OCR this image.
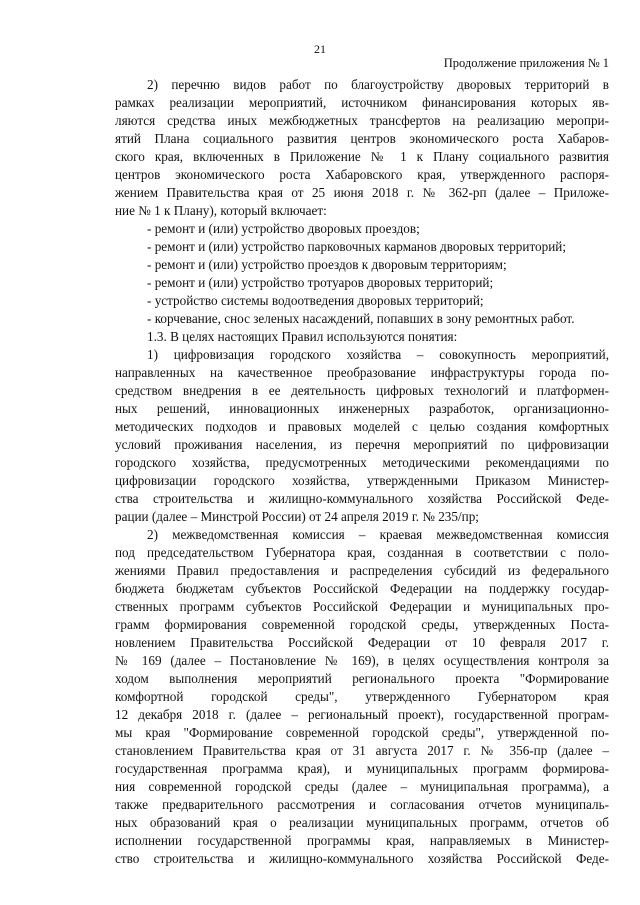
21
Продолжение приложения № 1
2) перечню видов работ по благоустройству дворовых территорий в
рамках реализации мероприятий, источником финансирования которых яв-
ляются средства иных межбюджетных трансфертов на реализацию меропри-
ятий Плана социального развития центров экономического роста Хабаров-
ского края, включенных в Приложение № 1 к Плану социального развития
центров экономического роста Хабаровского края, утвержденного распоря-
жением Правительства края от 25 июня 2018 г. № 362-рп (далее – Приложе-
ние № 1 к Плану), который включает:
- ремонт и (или) устройство дворовых проездов;
- ремонт и (или) устройство парковочных карманов дворовых территорий;
- ремонт и (или) устройство проездов к дворовым территориям;
- ремонт и (или) устройство тротуаров дворовых территорий;
- устройство системы водоотведения дворовых территорий;
- корчевание, снос зеленых насаждений, попавших в зону ремонтных работ.
1.3. В целях настоящих Правил используются понятия:
1) цифровизация городского хозяйства – совокупность мероприятий,
направленных на качественное преобразование инфраструктуры города по-
средством внедрения в ее деятельность цифровых технологий и платформен-
ных решений, инновационных инженерных разработок, организационно-
методических подходов и правовых моделей с целью создания комфортных
условий проживания населения, из перечня мероприятий по цифровизации
городского хозяйства, предусмотренных методическими рекомендациями по
цифровизации городского хозяйства, утвержденными Приказом Министер-
ства строительства и жилищно-коммунального хозяйства Российской Феде-
рации (далее – Минстрой России) от 24 апреля 2019 г. № 235/пр;
2) межведомственная комиссия – краевая межведомственная комиссия
под председательством Губернатора края, созданная в соответствии с поло-
жениями Правил предоставления и распределения субсидий из федерального
бюджета бюджетам субъектов Российской Федерации на поддержку государ-
ственных программ субъектов Российской Федерации и муниципальных про-
грамм формирования современной городской среды, утвержденных Поста-
новлением Правительства Российской Федерации от 10 февраля 2017 г.
№ 169 (далее – Постановление № 169), в целях осуществления контроля за
ходом выполнения мероприятий регионального проекта "Формирование
комфортной городской среды", утвержденного Губернатором края
12 декабря 2018 г. (далее – региональный проект), государственной програм-
мы края "Формирование современной городской среды", утвержденной по-
становлением Правительства края от 31 августа 2017 г. № 356-пр (далее –
государственная программа края), и муниципальных программ формирова-
ния современной городской среды (далее – муниципальная программа), а
также предварительного рассмотрения и согласования отчетов муниципаль-
ных образований края о реализации муниципальных программ, отчетов об
исполнении государственной программы края, направляемых в Министер-
ство строительства и жилищно-коммунального хозяйства Российской Феде-
